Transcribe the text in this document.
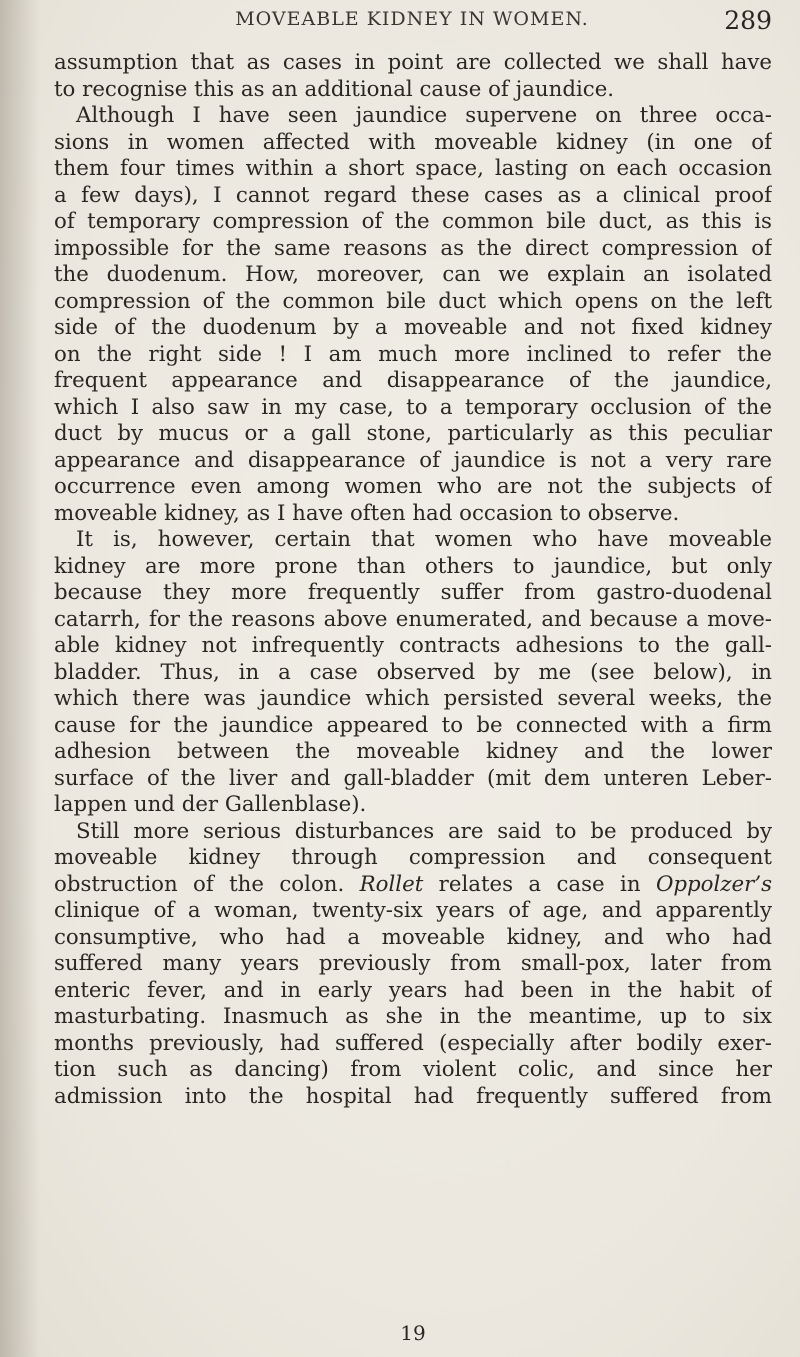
MOVEABLE KIDNEY IN WOMEN.	289
assumption that as cases in point are collected we shall have
to recognise this as an additional cause of jaundice.
Although I have seen jaundice supervene on three occa-
sions in women affected with moveable kidney (in one of
them four times within a short space, lasting on each occasion
a few days), I cannot regard these cases as a clinical proof
of temporary compression of the common bile duct, as this is
impossible for the same reasons as the direct compression of
the duodenum. How, moreover, can we explain an isolated
compression of the common bile duct which opens on the left
side of the duodenum by a moveable and not fixed kidney
on the right side ! I am much more inclined to refer the
frequent appearance and disappearance of the jaundice,
which I also saw in my case, to a temporary occlusion of the
duct by mucus or a gall stone, particularly as this peculiar
appearance and disappearance of jaundice is not a very rare
occurrence even among women who are not the subjects of
moveable kidney, as I have often had occasion to observe.
It is, however, certain that women who have moveable
kidney are more prone than others to jaundice, but only
because they more frequently suffer from gastro-duodenal
catarrh, for the reasons above enumerated, and because a move-
able kidney not infrequently contracts adhesions to the gall-
bladder. Thus, in a case observed by me (see below), in
which there was jaundice which persisted several weeks, the
cause for the jaundice appeared to be connected with a firm
adhesion between the moveable kidney and the lower
surface of the liver and gall-bladder (mit dem unteren Leber-
lappen und der Gallenblase).
Still more serious disturbances are said to be produced by
moveable kidney through compression and consequent
obstruction of the colon. Rollet relates a case in Oppolzer’s
clinique of a woman, twenty-six years of age, and apparently
consumptive, who had a moveable kidney, and who had
suffered many years previously from small-pox, later from
enteric fever, and in early years had been in the habit of
masturbating. Inasmuch as she in the meantime, up to six
months previously, had suffered (especially after bodily exer-
tion such as dancing) from violent colic, and since her
admission into the hospital had frequently suffered from
19
